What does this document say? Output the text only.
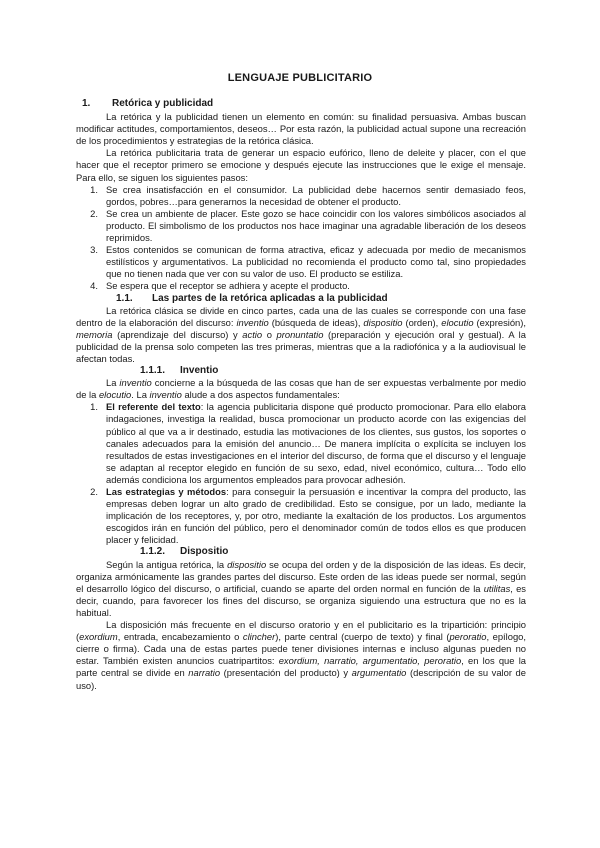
LENGUAJE PUBLICITARIO
1.	Retórica y publicidad

La retórica y la publicidad tienen un elemento en común: su finalidad persuasiva. Ambas buscan modificar actitudes, comportamientos, deseos… Por esta razón, la publicidad actual supone una recreación de los procedimientos y estrategias de la retórica clásica.

La retórica publicitaria trata de generar un espacio eufórico, lleno de deleite y placer, con el que hacer que el receptor primero se emocione y después ejecute las instrucciones que le exige el mensaje. Para ello, se siguen los siguientes pasos:

1. Se crea insatisfacción en el consumidor. La publicidad debe hacernos sentir demasiado feos, gordos, pobres…para generarnos la necesidad de obtener el producto.
2. Se crea un ambiente de placer. Este gozo se hace coincidir con los valores simbólicos asociados al producto. El simbolismo de los productos nos hace imaginar una agradable liberación de los deseos reprimidos.
3. Estos contenidos se comunican de forma atractiva, eficaz y adecuada por medio de mecanismos estilísticos y argumentativos. La publicidad no recomienda el producto como tal, sino propiedades que no tienen nada que ver con su valor de uso. El producto se estiliza.
4. Se espera que el receptor se adhiera y acepte el producto.
1.1.	Las partes de la retórica aplicadas a la publicidad

La retórica clásica se divide en cinco partes, cada una de las cuales se corresponde con una fase dentro de la elaboración del discurso: inventio (búsqueda de ideas), dispositio (orden), elocutio (expresión), memoria (aprendizaje del discurso) y actio o pronuntatio (preparación y ejecución oral y gestual). A la publicidad de la prensa solo competen las tres primeras, mientras que a la radiofónica y a la audiovisual le afectan todas.

1.1.1.	Inventio

La inventio concierne a la búsqueda de las cosas que han de ser expuestas verbalmente por medio de la elocutio. La inventio alude a dos aspectos fundamentales:

1. El referente del texto: la agencia publicitaria dispone qué producto promocionar. Para ello elabora indagaciones, investiga la realidad, busca promocionar un producto acorde con las exigencias del público al que va a ir destinado, estudia las motivaciones de los clientes, sus gustos, los soportes o canales adecuados para la emisión del anuncio… De manera implícita o explícita se incluyen los resultados de estas investigaciones en el interior del discurso, de forma que el discurso y el lenguaje se adaptan al receptor elegido en función de su sexo, edad, nivel económico, cultura… Todo ello además condiciona los argumentos empleados para provocar adhesión.
2. Las estrategias y métodos: para conseguir la persuasión e incentivar la compra del producto, las empresas deben lograr un alto grado de credibilidad. Esto se consigue, por un lado, mediante la implicación de los receptores, y, por otro, mediante la exaltación de los productos. Los argumentos escogidos irán en función del público, pero el denominador común de todos ellos es que producen placer y felicidad.
1.1.2.	Dispositio

Según la antigua retórica, la dispositio se ocupa del orden y de la disposición de las ideas. Es decir, organiza armónicamente las grandes partes del discurso. Este orden de las ideas puede ser normal, según el desarrollo lógico del discurso, o artificial, cuando se aparte del orden normal en función de la utilitas, es decir, cuando, para favorecer los fines del discurso, se organiza siguiendo una estructura que no es la habitual.

La disposición más frecuente en el discurso oratorio y en el publicitario es la tripartición: principio (exordium, entrada, encabezamiento o clincher), parte central (cuerpo de texto) y final (peroratio, epílogo, cierre o firma). Cada una de estas partes puede tener divisiones internas e incluso algunas pueden no estar. También existen anuncios cuatripartitos: exordium, narratio, argumentatio, peroratio, en los que la parte central se divide en narratio (presentación del producto) y argumentatio (descripción de su valor de uso).
